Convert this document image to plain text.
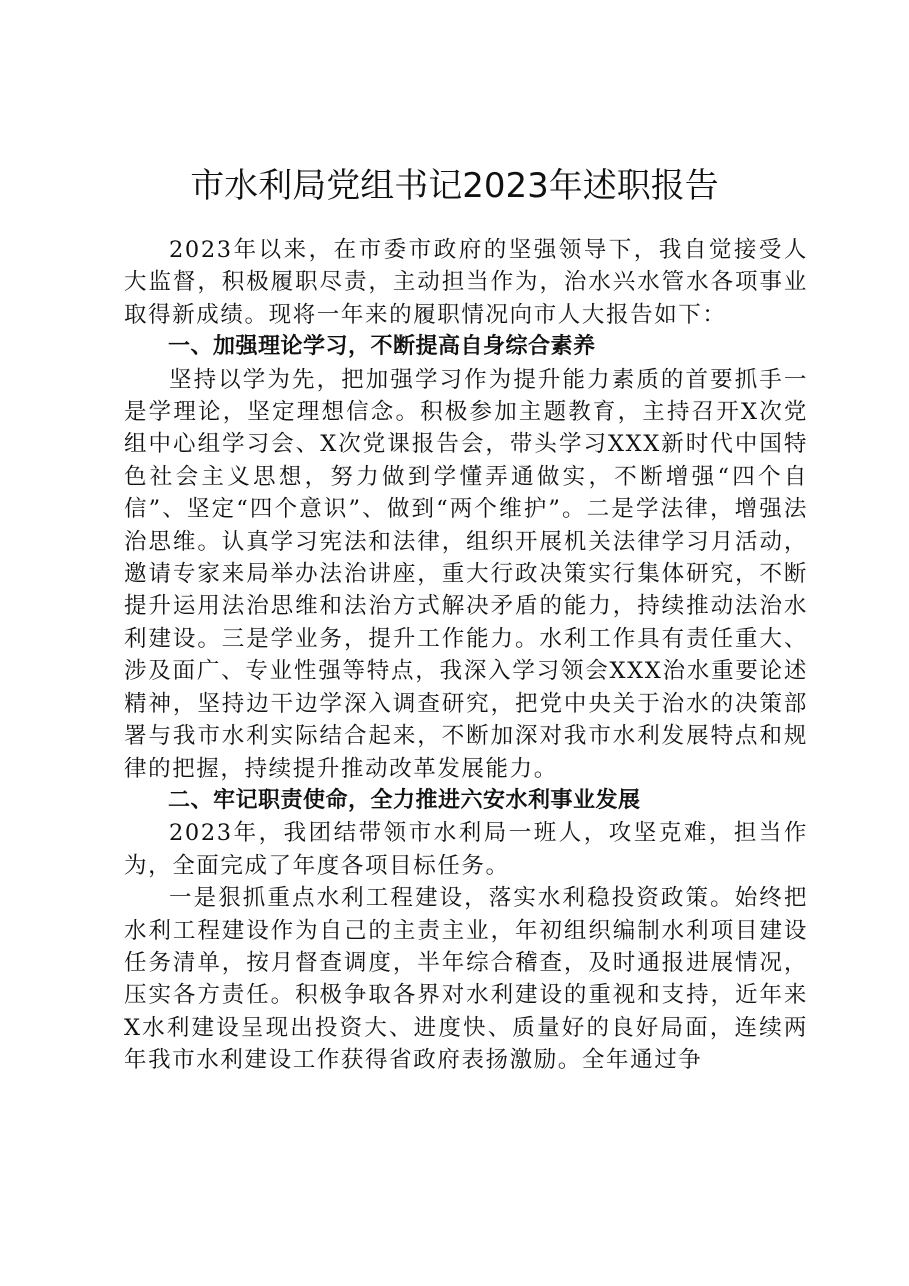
市水利局党组书记2023年述职报告

2023年以来，在市委市政府的坚强领导下，我自觉接受人大监督，积极履职尽责，主动担当作为，治水兴水管水各项事业取得新成绩。现将一年来的履职情况向市人大报告如下：

一、加强理论学习，不断提高自身综合素养

坚持以学为先，把加强学习作为提升能力素质的首要抓手一是学理论，坚定理想信念。积极参加主题教育，主持召开X次党组中心组学习会、X次党课报告会，带头学习XXX新时代中国特色社会主义思想，努力做到学懂弄通做实，不断增强“四个自信”、坚定“四个意识”、做到“两个维护”。二是学法律，增强法治思维。认真学习宪法和法律，组织开展机关法律学习月活动，邀请专家来局举办法治讲座，重大行政决策实行集体研究，不断提升运用法治思维和法治方式解决矛盾的能力，持续推动法治水利建设。三是学业务，提升工作能力。水利工作具有责任重大、涉及面广、专业性强等特点，我深入学习领会XXX治水重要论述精神，坚持边干边学深入调查研究，把党中央关于治水的决策部署与我市水利实际结合起来，不断加深对我市水利发展特点和规律的把握，持续提升推动改革发展能力。

二、牢记职责使命，全力推进六安水利事业发展

2023年，我团结带领市水利局一班人，攻坚克难，担当作为，全面完成了年度各项目标任务。

一是狠抓重点水利工程建设，落实水利稳投资政策。始终把水利工程建设作为自己的主责主业，年初组织编制水利项目建设任务清单，按月督查调度，半年综合稽查，及时通报进展情况，压实各方责任。积极争取各界对水利建设的重视和支持，近年来X水利建设呈现出投资大、进度快、质量好的良好局面，连续两年我市水利建设工作获得省政府表扬激励。全年通过争
